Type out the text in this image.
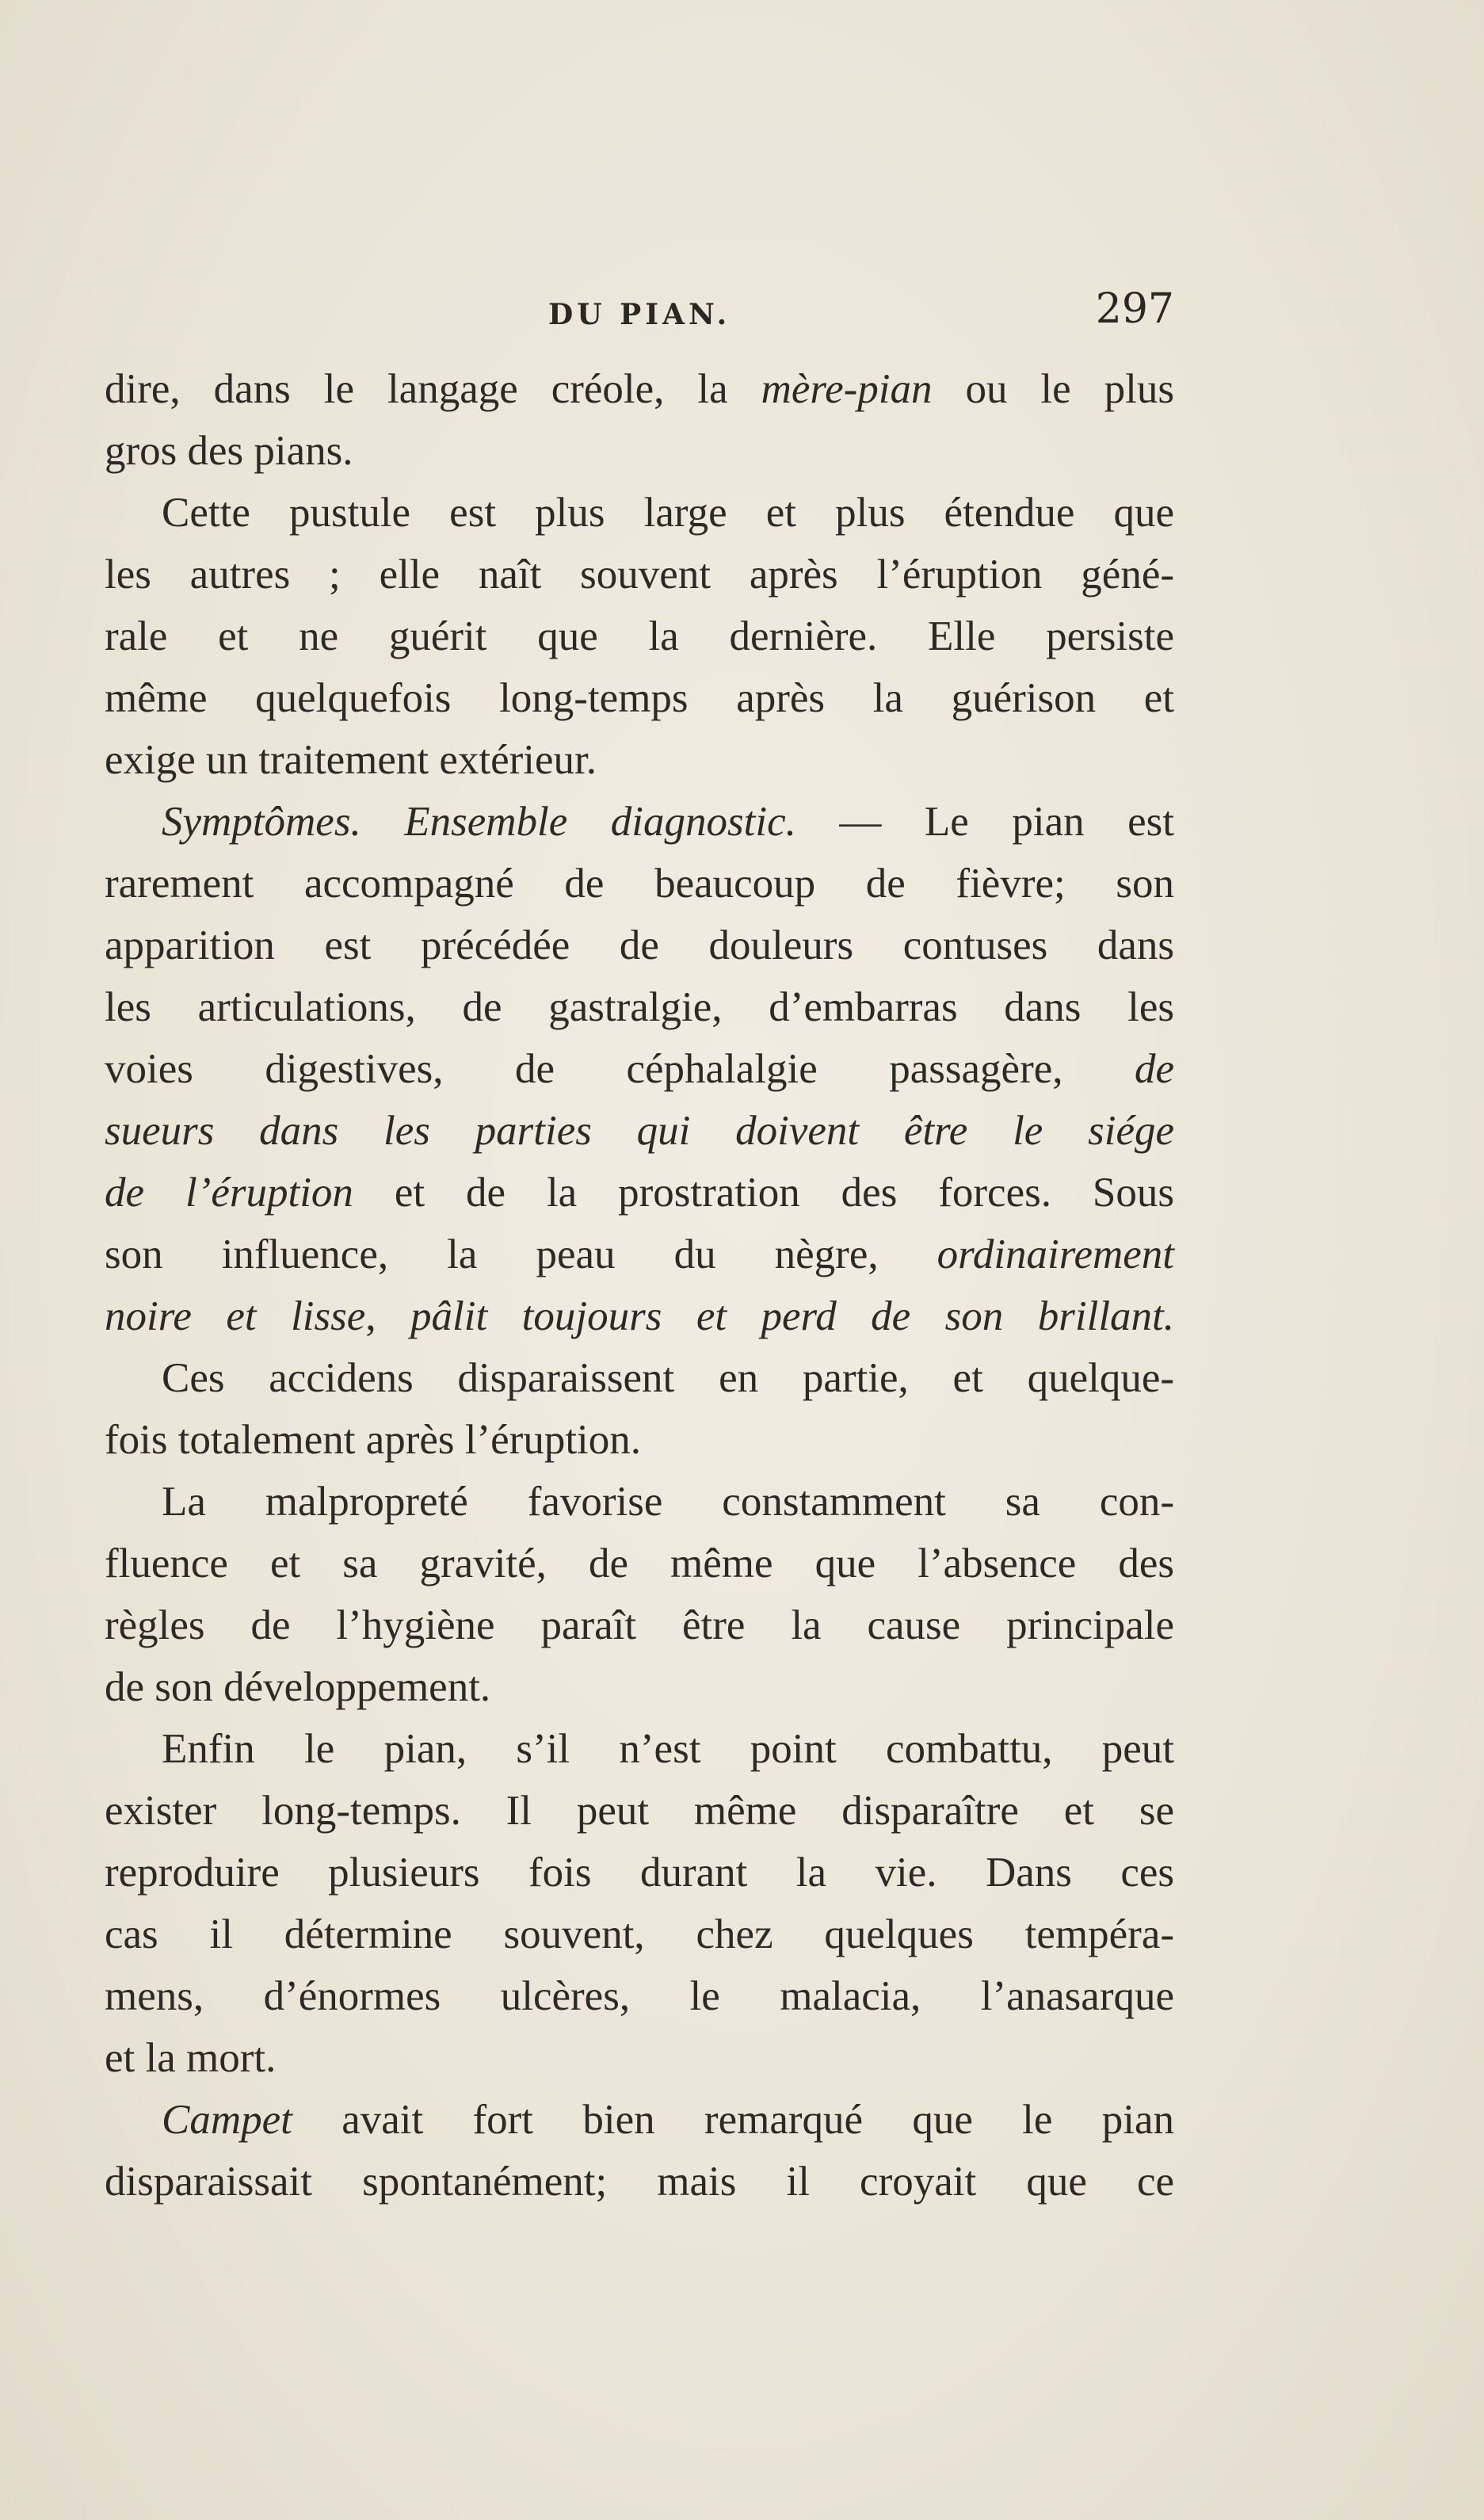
DU PIAN.	297
dire, dans le langage créole, la mère-pian ou le plus
gros des pians.
Cette pustule est plus large et plus étendue que
les autres ; elle naît souvent après l’éruption géné-
rale et ne guérit que la dernière. Elle persiste
même quelquefois long-temps après la guérison et
exige un traitement extérieur.
Symptômes. Ensemble diagnostic. — Le pian est
rarement accompagné de beaucoup de fièvre; son
apparition est précédée de douleurs contuses dans
les articulations, de gastralgie, d’embarras dans les
voies digestives, de céphalalgie passagère, de
sueurs dans les parties qui doivent être le siége
de l’éruption et de la prostration des forces. Sous
son influence, la peau du nègre, ordinairement
noire et lisse, pâlit toujours et perd de son brillant.
Ces accidens disparaissent en partie, et quelque-
fois totalement après l’éruption.
La malpropreté favorise constamment sa con-
fluence et sa gravité, de même que l’absence des
règles de l’hygiène paraît être la cause principale
de son développement.
Enfin le pian, s’il n’est point combattu, peut
exister long-temps. Il peut même disparaître et se
reproduire plusieurs fois durant la vie. Dans ces
cas il détermine souvent, chez quelques tempéra-
mens, d’énormes ulcères, le malacia, l’anasarque
et la mort.
Campet avait fort bien remarqué que le pian
disparaissait spontanément; mais il croyait que ce
